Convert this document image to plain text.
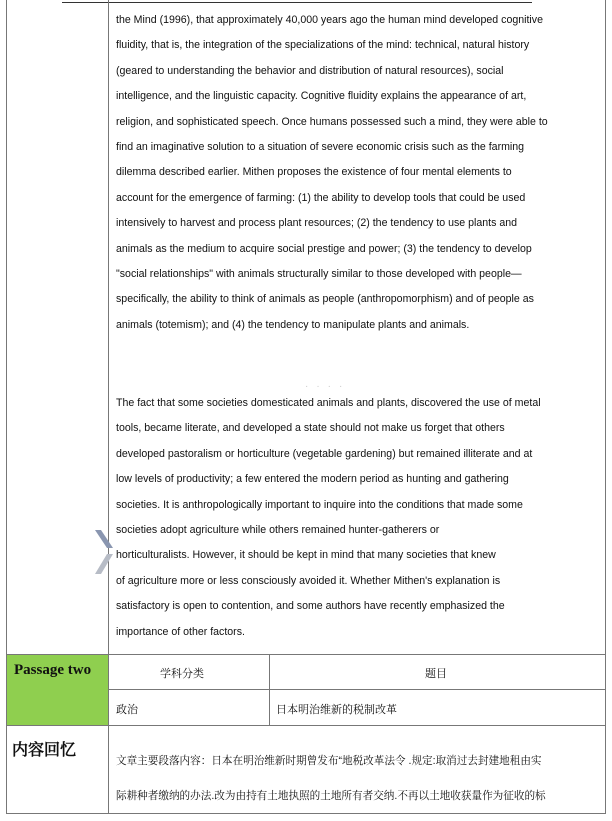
the Mind (1996), that approximately 40,000 years ago the human mind developed cognitive
fluidity, that is, the integration of the specializations of the mind: technical, natural history
(geared to understanding the behavior and distribution of natural resources), social
intelligence, and the linguistic capacity. Cognitive fluidity explains the appearance of art,
religion, and sophisticated speech. Once humans possessed such a mind, they were able to
find an imaginative solution to a situation of severe economic crisis such as the farming
dilemma described earlier. Mithen proposes the existence of four mental elements to
account for the emergence of farming: (1) the ability to develop tools that could be used
intensively to harvest and process plant resources; (2) the tendency to use plants and
animals as the medium to acquire social prestige and power; (3) the tendency to develop
"social relationships" with animals structurally similar to those developed with people—
specifically, the ability to think of animals as people (anthropomorphism) and of people as
animals (totemism); and (4) the tendency to manipulate plants and animals.
····
The fact that some societies domesticated animals and plants, discovered the use of metal
tools, became literate, and developed a state should not make us forget that others
developed pastoralism or horticulture (vegetable gardening) but remained illiterate and at
low levels of productivity; a few entered the modern period as hunting and gathering
societies. It is anthropologically important to inquire into the conditions that made some
societies adopt agriculture while others remained hunter-gatherers or
horticulturalists. However, it should be kept in mind that many societies that knew
of agriculture more or less consciously avoided it. Whether Mithen's explanation is
satisfactory is open to contention, and some authors have recently emphasized the
importance of other factors.
Passage two	学科分类	题目
政治	日本明治维新的税制改革
内容回忆
文章主要段落内容：日本在明治维新时期曾发布“地税改革法令 .规定:取消过去封建地租由实
际耕种者缴纳的办法.改为由持有土地执照的土地所有者交纳.不再以土地收获量作为征收的标
